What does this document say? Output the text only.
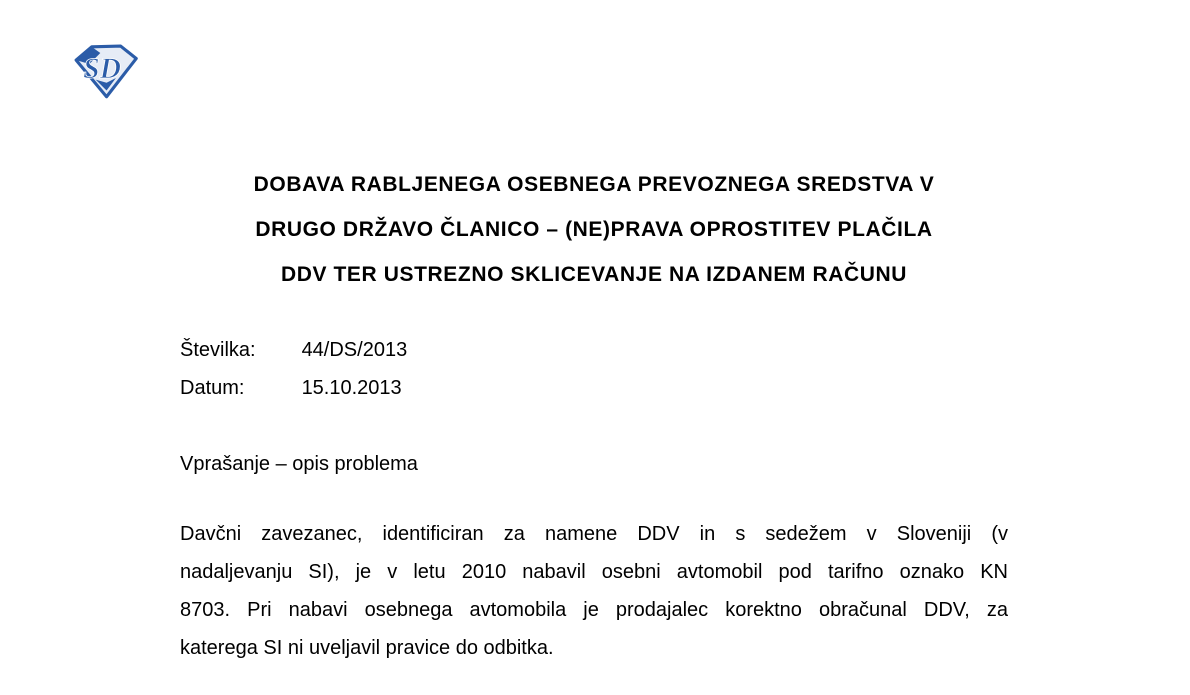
SD
DOBAVA RABLJENEGA OSEBNEGA PREVOZNEGA SREDSTVA V
DRUGO DRŽAVO ČLANICO – (NE)PRAVA OPROSTITEV PLAČILA
DDV TER USTREZNO SKLICEVANJE NA IZDANEM RAČUNU
Številka: 44/DS/2013
Datum:	15.10.2013
Vprašanje – opis problema
Davčni zavezanec, identificiran za namene DDV in s sedežem v Sloveniji (v
nadaljevanju SI), je v letu 2010 nabavil osebni avtomobil pod tarifno oznako KN
8703. Pri nabavi osebnega avtomobila je prodajalec korektno obračunal DDV, za
katerega SI ni uveljavil pravice do odbitka.
